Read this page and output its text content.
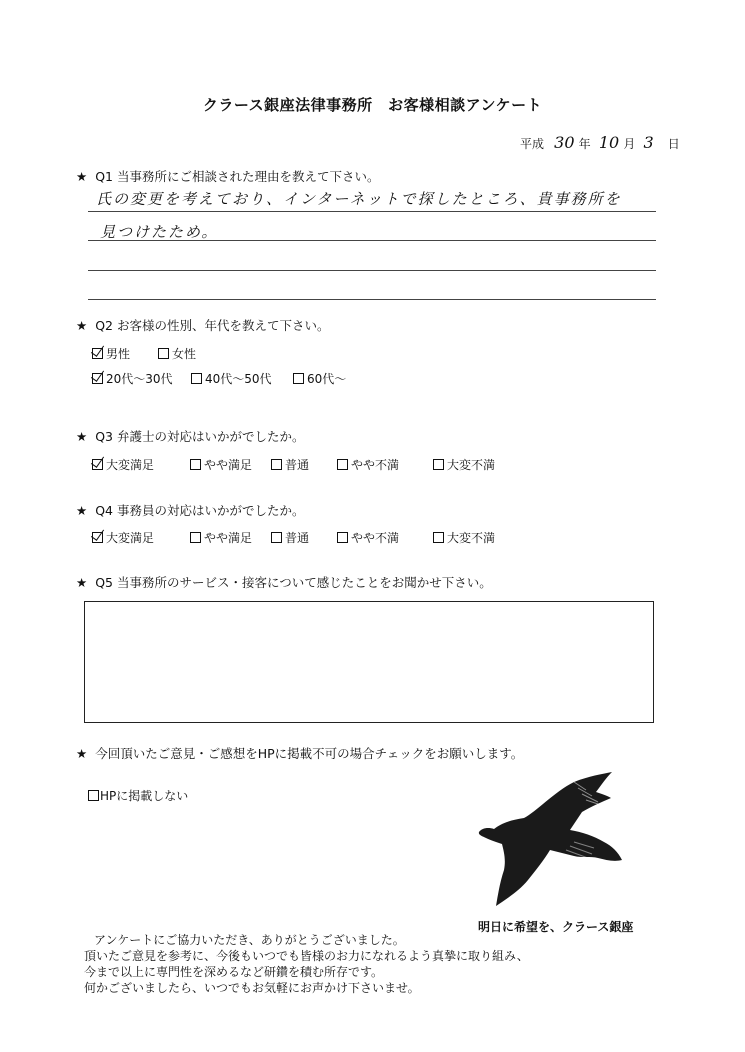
クラース銀座法律事務所　お客様相談アンケート
平成 30 年 10 月 3 日
★ Q1 当事務所にご相談された理由を教えて下さい。
氏の変更を考えており、インターネットで探したところ、貴事務所を
見つけたため。
★ Q2 お客様の性別、年代を教えて下さい。
男性	女性
20代～30代	40代～50代	60代～
★ Q3 弁護士の対応はいかがでしたか。
大変満足	やや満足	普通	やや不満	大変不満
★ Q4 事務員の対応はいかがでしたか。
大変満足	やや満足	普通	やや不満	大変不満
★ Q5 当事務所のサービス・接客について感じたことをお聞かせ下さい。
★ 今回頂いたご意見・ご感想をHPに掲載不可の場合チェックをお願いします。
HPに掲載しない
明日に希望を、クラース銀座
アンケートにご協力いただき、ありがとうございました。
頂いたご意見を参考に、今後もいつでも皆様のお力になれるよう真摯に取り組み、
今まで以上に専門性を深めるなど研鑽を積む所存です。
何かございましたら、いつでもお気軽にお声かけ下さいませ。
